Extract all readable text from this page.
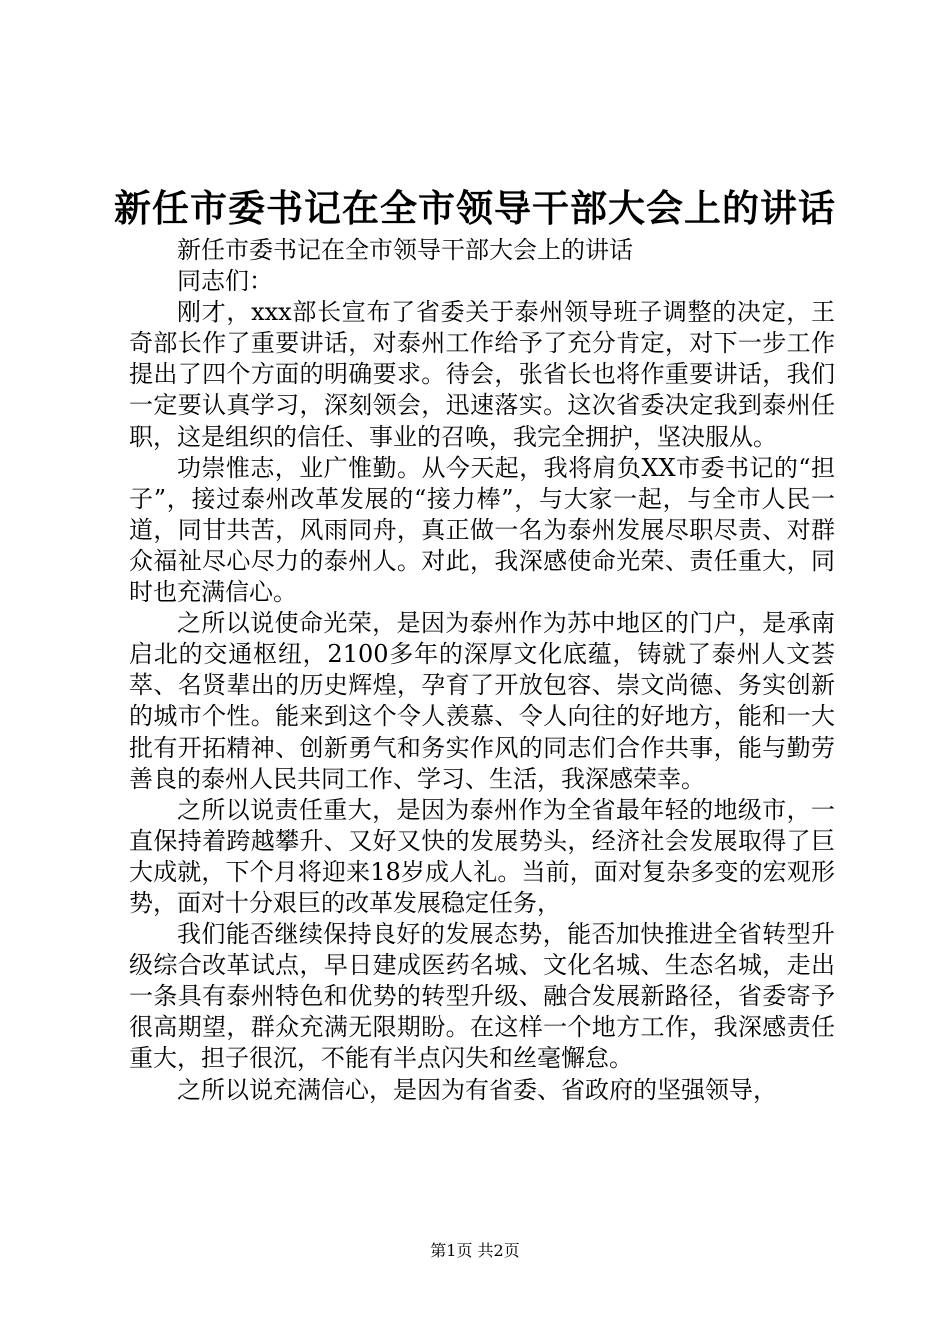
新任市委书记在全市领导干部大会上的讲话

新任市委书记在全市领导干部大会上的讲话

同志们：

刚才，xxx部长宣布了省委关于泰州领导班子调整的决定，王奇部长作了重要讲话，对泰州工作给予了充分肯定，对下一步工作提出了四个方面的明确要求。待会，张省长也将作重要讲话，我们一定要认真学习，深刻领会，迅速落实。这次省委决定我到泰州任职，这是组织的信任、事业的召唤，我完全拥护，坚决服从。

功崇惟志，业广惟勤。从今天起，我将肩负XX市委书记的“担子”，接过泰州改革发展的“接力棒”，与大家一起，与全市人民一道，同甘共苦，风雨同舟，真正做一名为泰州发展尽职尽责、对群众福祉尽心尽力的泰州人。对此，我深感使命光荣、责任重大，同时也充满信心。

之所以说使命光荣，是因为泰州作为苏中地区的门户，是承南启北的交通枢纽，2100多年的深厚文化底蕴，铸就了泰州人文荟萃、名贤辈出的历史辉煌，孕育了开放包容、崇文尚德、务实创新的城市个性。能来到这个令人羡慕、令人向往的好地方，能和一大批有开拓精神、创新勇气和务实作风的同志们合作共事，能与勤劳善良的泰州人民共同工作、学习、生活，我深感荣幸。

之所以说责任重大，是因为泰州作为全省最年轻的地级市，一直保持着跨越攀升、又好又快的发展势头，经济社会发展取得了巨大成就，下个月将迎来18岁成人礼。当前，面对复杂多变的宏观形势，面对十分艰巨的改革发展稳定任务，

我们能否继续保持良好的发展态势，能否加快推进全省转型升级综合改革试点，早日建成医药名城、文化名城、生态名城，走出一条具有泰州特色和优势的转型升级、融合发展新路径，省委寄予很高期望，群众充满无限期盼。在这样一个地方工作，我深感责任重大，担子很沉，不能有半点闪失和丝毫懈怠。

之所以说充满信心，是因为有省委、省政府的坚强领导，

第1页 共2页
